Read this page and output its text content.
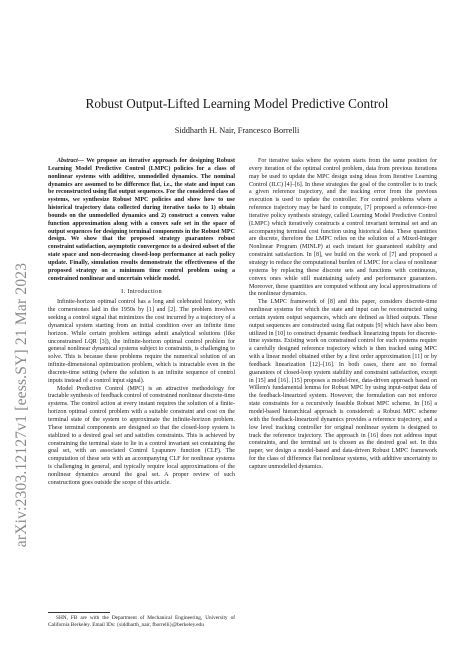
arXiv:2303.12127v1 [eess.SY] 21 Mar 2023
Robust Output-Lifted Learning Model Predictive Control
Siddharth H. Nair, Francesco Borrelli

Abstract— We propose an iterative approach for designing Robust Learning Model Predictive Control (LMPC) policies for a class of nonlinear systems with additive, unmodelled dynamics. The nominal dynamics are assumed to be difference flat, i.e., the state and input can be reconstructed using flat output sequences. For the considered class of systems, we synthesize Robust MPC policies and show how to use historical trajectory data collected during iterative tasks to 1) obtain bounds on the unmodelled dynamics and 2) construct a convex value function approximation along with a convex safe set in the space of output sequences for designing terminal components in the Robust MPC design. We show that the proposed strategy guarantees robust constraint satisfaction, asymptotic convergence to a desired subset of the state space and non-decreasing closed-loop performance at each policy update. Finally, simulation results demonstrate the effectiveness of the proposed strategy on a minimum time control problem using a constrained nonlinear and uncertain vehicle model.

I. Introduction

Infinite-horizon optimal control has a long and celebrated history, with the cornerstones laid in the 1950s by [1] and [2]. The problem involves seeking a control signal that minimizes the cost incurred by a trajectory of a dynamical system starting from an initial condition over an infinite time horizon. While certain problem settings admit analytical solutions (like unconstrained LQR [3]), the infinite-horizon optimal control problem for general nonlinear dynamical systems subject to constraints, is challenging to solve. This is because these problems require the numerical solution of an infinite-dimensional optimization problem, which is intractable even in the discrete-time setting (where the solution is an infinite sequence of control inputs instead of a control input signal).

Model Predictive Control (MPC) is an attractive methodology for tractable synthesis of feedback control of constrained nonlinear discrete-time systems. The control action at every instant requires the solution of a finite-horizon optimal control problem with a suitable constraint and cost on the terminal state of the system to approximate the infinite-horizon problem. These terminal components are designed so that the closed-loop system is stablized to a desired goal set and satisfies constraints. This is achieved by constraining the terminal state to lie in a control invariant set containing the goal set, with an associated Control Lyapunov function (CLF). The computation of these sets with an accompanying CLF for nonlinear systems is challenging in general, and typically require local approximations of the nonlinear dynamics around the goal set. A proper review of such constructions goes outside the scope of this article.

SHN, FB are with the Department of Mechanical Engineering, University of California Berkeley. Email IDs: {siddharth_nair, fborrelli}@berkeley.edu

For iterative tasks where the system starts from the same position for every iteration of the optimal control problem, data from previous iterations may be used to update the MPC design using ideas from Iterative Learning Control (ILC) [4]–[6]. In these strategies the goal of the controller is to track a given reference trajectory, and the tracking error from the previous execution is used to update the controller. For control problems where a reference trajectory may be hard to compute, [7] proposed a reference-free iterative policy synthesis strategy, called Learning Model Predictive Control (LMPC) which iteratively constructs a control invariant terminal set and an accompanying terminal cost function using historical data. These quantities are discrete, therefore the LMPC relies on the solution of a Mixed-Integer Nonlinear Program (MINLP) at each instant for guaranteed stability and constraint satisfaction. In [8], we build on the work of [7] and proposed a strategy to reduce the computational burden of LMPC for a class of nonlinear systems by replacing these discrete sets and functions with continuous, convex ones while still maintaining safety and performance guarantees. Moreover, these quantities are computed without any local approximations of the nonlinear dynamics.

The LMPC framework of [8] and this paper, considers discrete-time nonlinear systems for which the state and input can be reconstructed using certain system output sequences, which are defined as lifted outputs. These output sequences are constructed using flat outputs [9] which have also been utilized in [10] to construct dynamic feedback linearizing inputs for discrete-time systems. Existing work on constrained control for such systems require a carefully designed reference trajectory which is then tracked using MPC with a linear model obtained either by a first order approximation [11] or by feedback linearization [12]–[16]. In both cases, there are no formal guarantees of closed-loop system stability and constraint satisfaction, except in [15] and [16]. [15] proposes a model-free, data-driven approach based on Willem's fundamental lemma for Robust MPC by using input-output data of the feedback-linearized system. However, the formulation can not enforce state constraints for a recursively feasible Robust MPC scheme. In [16] a model-based hierarchical approach is considered: a Robust MPC scheme with the feedback-linearized dynamics provides a reference trajectory, and a low level tracking controller for original nonlinear system is designed to track the reference trajectory. The approach in [16] does not address input constraints, and the terminal set is chosen as the desired goal set. In this paper, we design a model-based and data-driven Robust LMPC framework for the class of difference flat nonlinear systems, with additive uncertainty to capture unmodelled dynamics.
